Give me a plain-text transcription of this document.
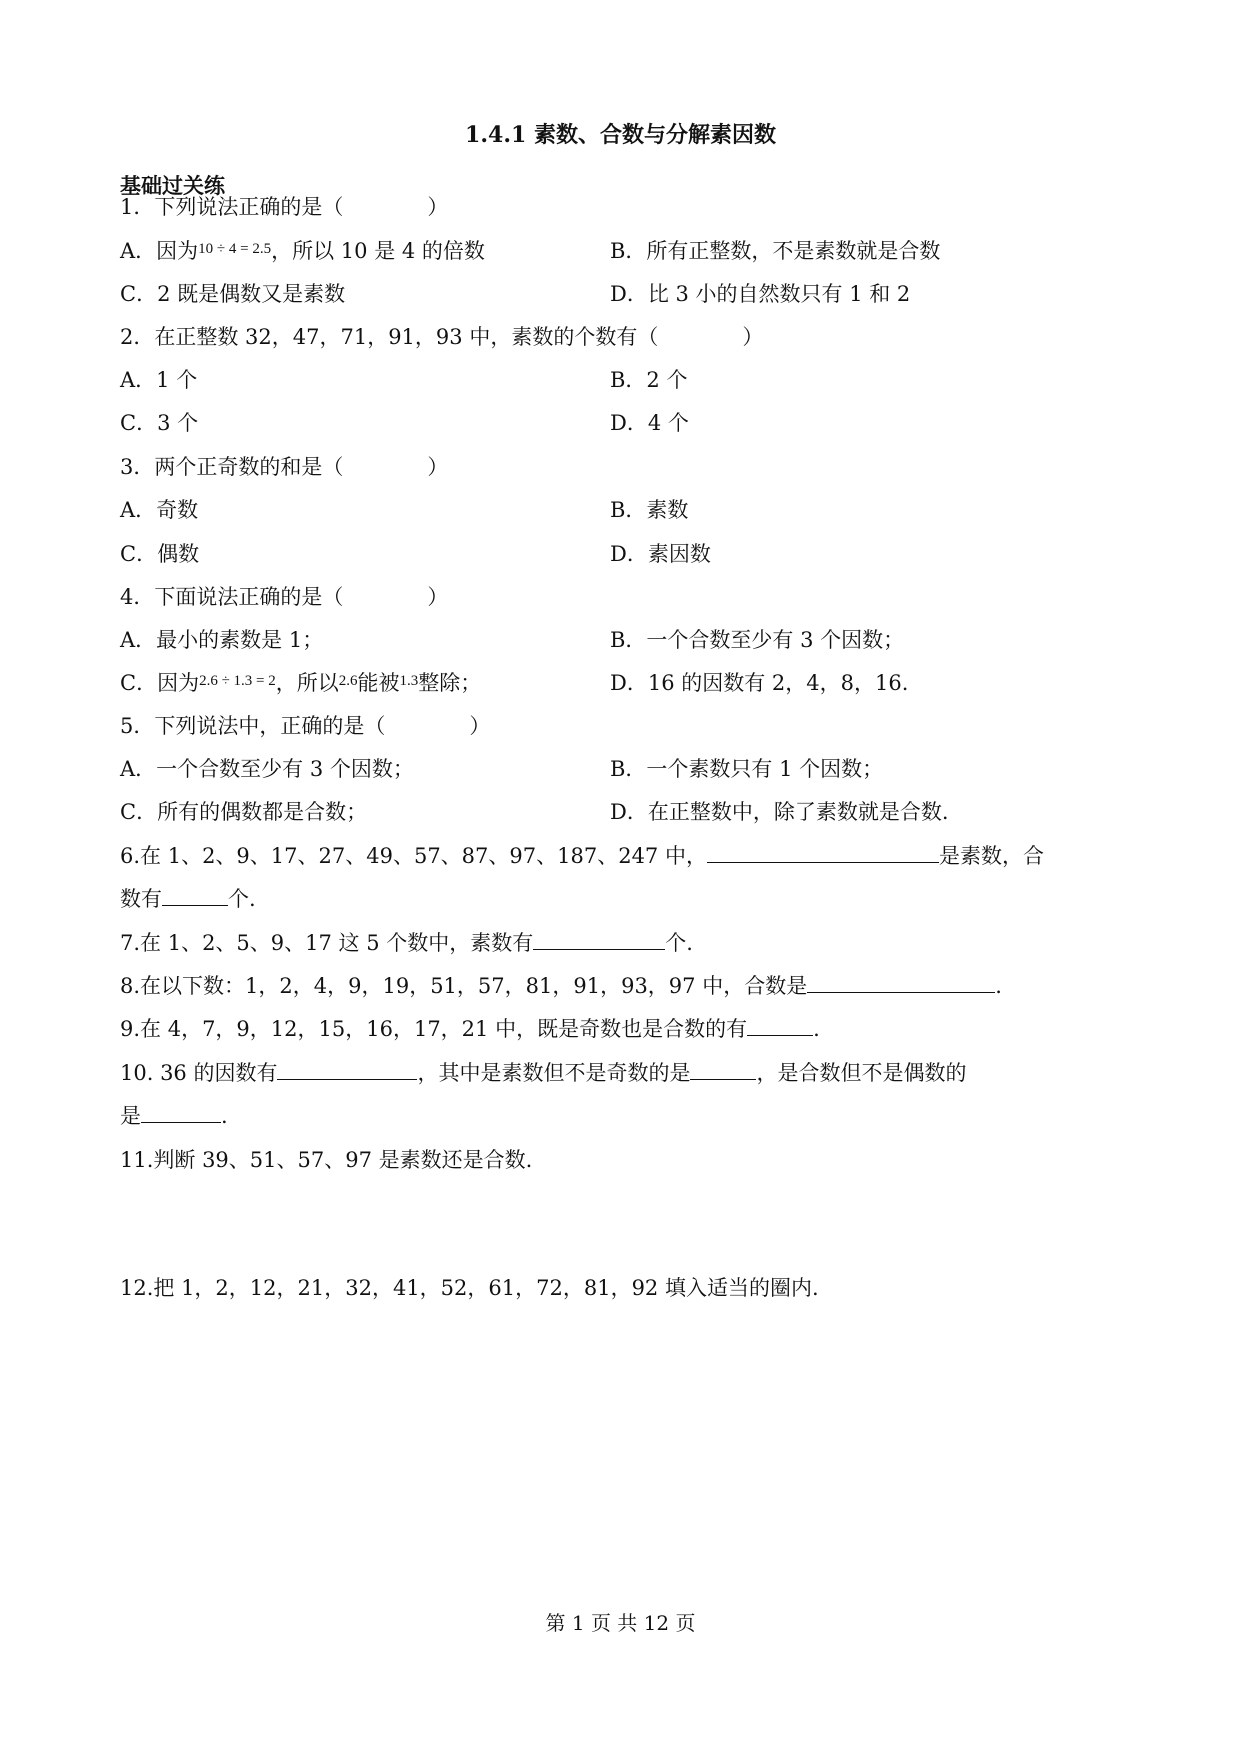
1.4.1 素数、合数与分解素因数
基础过关练
1．下列说法正确的是（　　　　）
A．因为$^{10 \div 4 = 2.5}$，所以 10 是 4 的倍数	B．所有正整数，不是素数就是合数
C．2 既是偶数又是素数	D．比 3 小的自然数只有 1 和 2
2．在正整数 32，47，71，91，93 中，素数的个数有（　　　　）
A．1 个	B．2 个
C．3 个	D．4 个
3．两个正奇数的和是（　　　　）
A．奇数	B．素数
C．偶数	D．素因数
4．下面说法正确的是（　　　　）
A．最小的素数是 1；	B．一个合数至少有 3 个因数；
C．因为$^{2.6 \div 1.3 = 2}$，所以$^{2.6}$能被$^{1.3}$整除；	D．16 的因数有 2，4，8，16.
5．下列说法中，正确的是（　　　　）
A．一个合数至少有 3 个因数；	B．一个素数只有 1 个因数；
C．所有的偶数都是合数；	D．在正整数中，除了素数就是合数.
6.在 1、2、9、17、27、49、57、87、97、187、247 中，	是素数，合
数有	个.
7.在 1、2、5、9、17 这 5 个数中，素数有	个.
8.在以下数：1，2，4，9，19，51，57，81，91，93，97 中，合数是	.
9.在 4，7，9，12，15，16，17，21 中，既是奇数也是合数的有	.
10. 36 的因数有	，其中是素数但不是奇数的是	，是合数但不是偶数的
是	.
11.判断 39、51、57、97 是素数还是合数.
12.把 1，2，12，21，32，41，52，61，72，81，92 填入适当的圈内.
第 1 页 共 12 页
